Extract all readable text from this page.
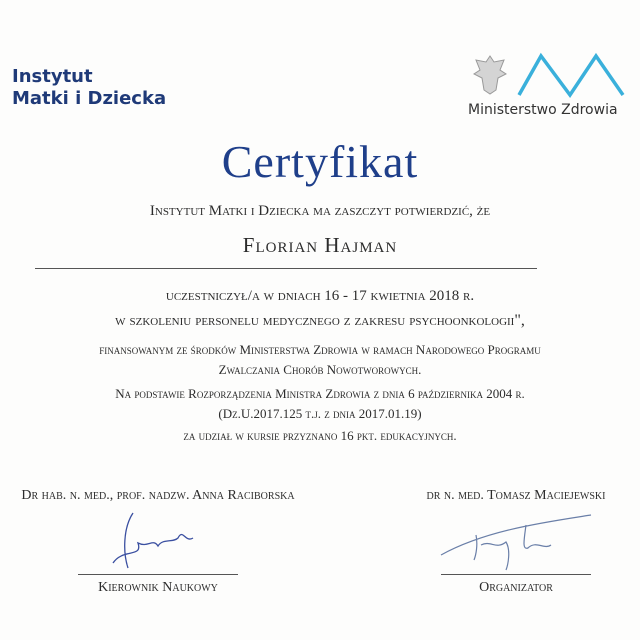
Instytut
Matki i Dziecka
Ministerstwo Zdrowia
Certyfikat
Instytut Matki i Dziecka ma zaszczyt potwierdzić, że
Florian Hajman
uczestniczył/a w dniach 16 - 17 kwietnia 2018 r.
w szkoleniu personelu medycznego z zakresu psychoonkologii",
finansowanym ze środków Ministerstwa Zdrowia w ramach Narodowego Programu
Zwalczania Chorób Nowotworowych.
Na podstawie Rozporządzenia Ministra Zdrowia z dnia 6 października 2004 r.
(Dz.U.2017.125 t.j. z dnia 2017.01.19)
za udział w kursie przyznano 16 pkt. edukacyjnych.
Dr hab. n. med., prof. nadzw. Anna Raciborska
Kierownik Naukowy
dr n. med. Tomasz Maciejewski
Organizator
